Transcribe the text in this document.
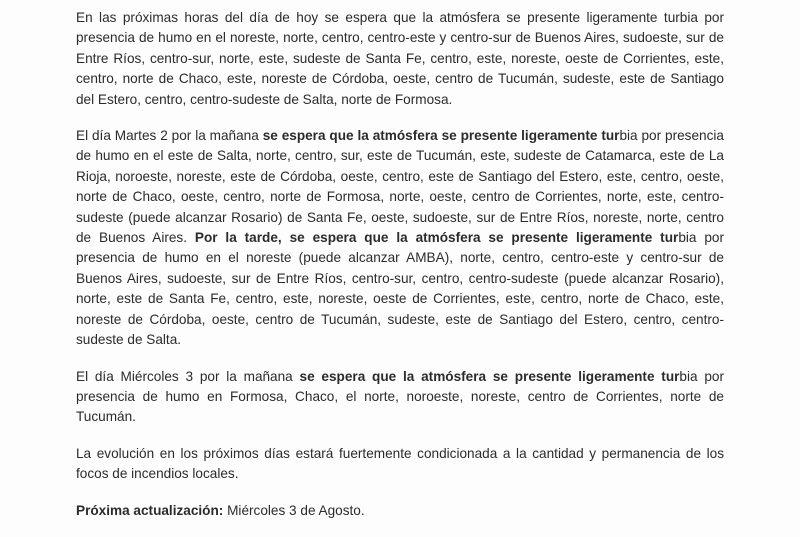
En las próximas horas del día de hoy se espera que la atmósfera se presente ligeramente turbia por presencia de humo en el noreste, norte, centro, centro-este y centro-sur de Buenos Aires, sudoeste, sur de Entre Ríos, centro-sur, norte, este, sudeste de Santa Fe, centro, este, noreste, oeste de Corrientes, este, centro, norte de Chaco, este, noreste de Córdoba, oeste, centro de Tucumán, sudeste, este de Santiago del Estero, centro, centro-sudeste de Salta, norte de Formosa.

El día Martes 2 por la mañana se espera que la atmósfera se presente ligeramente turbia por presencia de humo en el este de Salta, norte, centro, sur, este de Tucumán, este, sudeste de Catamarca, este de La Rioja, noroeste, noreste, este de Córdoba, oeste, centro, este de Santiago del Estero, este, centro, oeste, norte de Chaco, oeste, centro, norte de Formosa, norte, oeste, centro de Corrientes, norte, este, centro-sudeste (puede alcanzar Rosario) de Santa Fe, oeste, sudoeste, sur de Entre Ríos, noreste, norte, centro de Buenos Aires. Por la tarde, se espera que la atmósfera se presente ligeramente turbia por presencia de humo en el noreste (puede alcanzar AMBA), norte, centro, centro-este y centro-sur de Buenos Aires, sudoeste, sur de Entre Ríos, centro-sur, centro, centro-sudeste (puede alcanzar Rosario), norte, este de Santa Fe, centro, este, noreste, oeste de Corrientes, este, centro, norte de Chaco, este, noreste de Córdoba, oeste, centro de Tucumán, sudeste, este de Santiago del Estero, centro, centro-sudeste de Salta.

El día Miércoles 3 por la mañana se espera que la atmósfera se presente ligeramente turbia por presencia de humo en Formosa, Chaco, el norte, noroeste, noreste, centro de Corrientes, norte de Tucumán.

La evolución en los próximos días estará fuertemente condicionada a la cantidad y permanencia de los focos de incendios locales.

Próxima actualización: Miércoles 3 de Agosto.
